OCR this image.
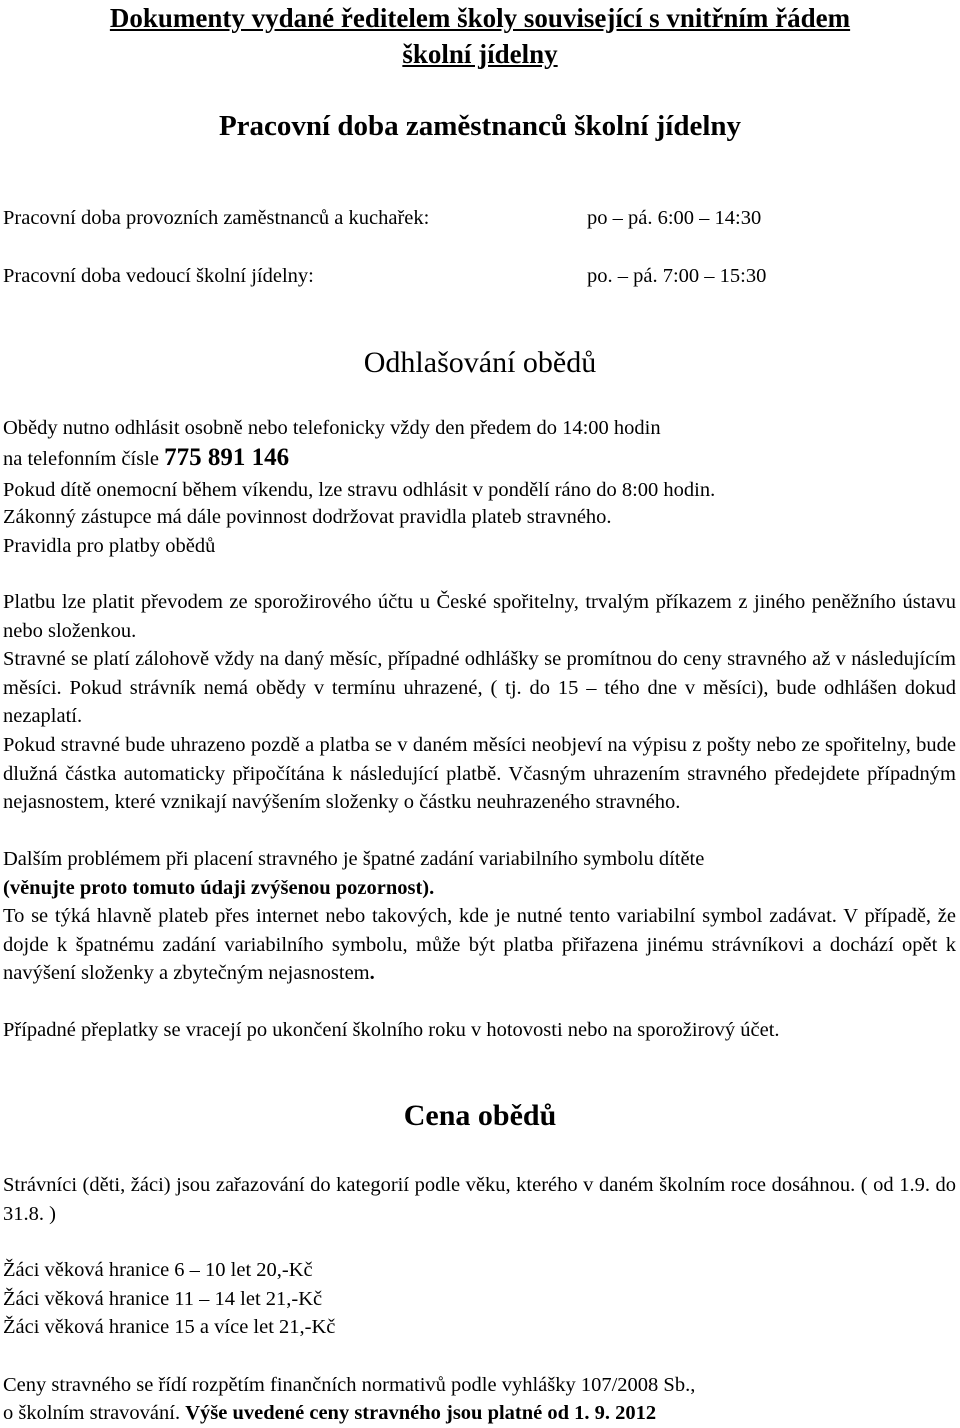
Dokumenty vydané ředitelem školy související s vnitřním řádem
školní jídelny
Pracovní doba zaměstnanců školní jídelny
Pracovní doba provozních zaměstnanců a kuchařek:	po – pá. 6:00 – 14:30
Pracovní doba vedoucí školní jídelny:	po. – pá. 7:00 – 15:30
Odhlašování obědů
Obědy nutno odhlásit osobně nebo telefonicky vždy den předem do 14:00 hodin
na telefonním čísle 775 891 146
Pokud dítě onemocní během víkendu, lze stravu odhlásit v pondělí ráno do 8:00 hodin.
Zákonný zástupce má dále povinnost dodržovat pravidla plateb stravného.
Pravidla pro platby obědů
Platbu lze platit převodem ze sporožirového účtu u České spořitelny, trvalým příkazem z jiného peněžního ústavu nebo složenkou.
Stravné se platí zálohově vždy na daný měsíc, případné odhlášky se promítnou do ceny stravného až v následujícím měsíci. Pokud strávník nemá obědy v termínu uhrazené, ( tj. do 15 – tého dne v měsíci), bude odhlášen dokud nezaplatí.
Pokud stravné bude uhrazeno pozdě a platba se v daném měsíci neobjeví na výpisu z pošty nebo ze spořitelny, bude dlužná částka automaticky připočítána k následující platbě. Včasným uhrazením stravného předejdete případným nejasnostem, které vznikají navýšením složenky o částku neuhrazeného stravného.
Dalším problémem při placení stravného je špatné zadání variabilního symbolu dítěte
(věnujte proto tomuto údaji zvýšenou pozornost).
To se týká hlavně plateb přes internet nebo takových, kde je nutné tento variabilní symbol zadávat. V případě, že dojde k špatnému zadání variabilního symbolu, může být platba přiřazena jinému strávníkovi a dochází opět k navýšení složenky a zbytečným nejasnostem.
Případné přeplatky se vracejí po ukončení školního roku v hotovosti nebo na sporožirový účet.
Cena obědů
Strávníci (děti, žáci) jsou zařazování do kategorií podle věku, kterého v daném školním roce dosáhnou. ( od 1.9. do 31.8. )
Žáci věková hranice 6 – 10 let 20,-Kč
Žáci věková hranice 11 – 14 let 21,-Kč
Žáci věková hranice 15 a více let 21,-Kč
Ceny stravného se řídí rozpětím finančních normativů podle vyhlášky 107/2008 Sb.,
o školním stravování. Výše uvedené ceny stravného jsou platné od 1. 9. 2012
